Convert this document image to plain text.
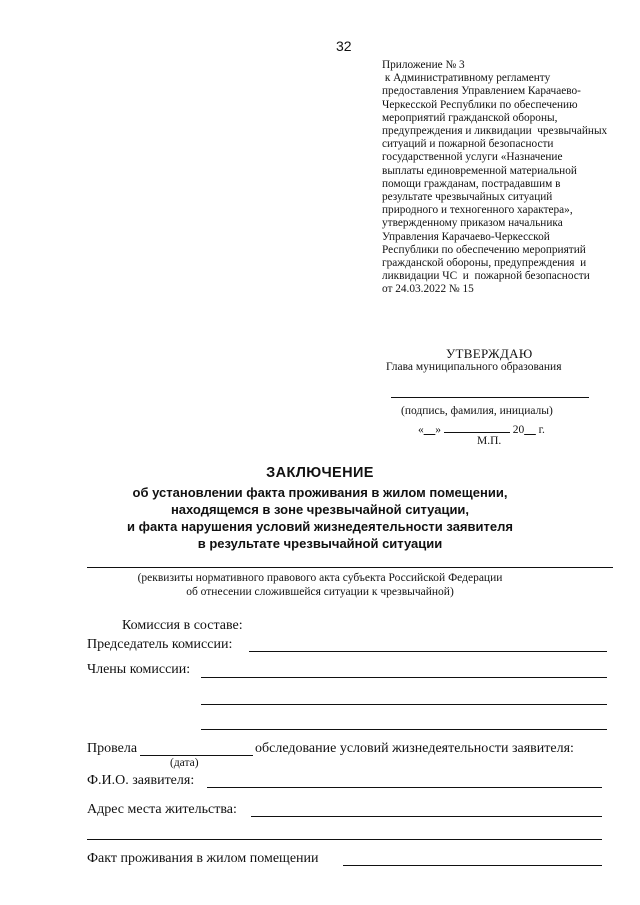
32
Приложение № 3
к Административному регламенту
предоставления Управлением Карачаево-
Черкесской Республики по обеспечению
мероприятий гражданской обороны,
предупреждения и ликвидации  чрезвычайных
ситуаций и пожарной безопасности
государственной услуги «Назначение
выплаты единовременной материальной
помощи гражданам, пострадавшим в
результате чрезвычайных ситуаций
природного и техногенного характера»,
утвержденному приказом начальника
Управления Карачаево-Черкесской
Республики по обеспечению мероприятий
гражданской обороны, предупреждения  и
ликвидации ЧС  и  пожарной безопасности
от 24.03.2022 № 15
УТВЕРЖДАЮ
Глава муниципального образования
(подпись, фамилия, инициалы)
«__»	20__ г.
М.П.
ЗАКЛЮЧЕНИЕ
об установлении факта проживания в жилом помещении,
находящемся в зоне чрезвычайной ситуации,
и факта нарушения условий жизнедеятельности заявителя
в результате чрезвычайной ситуации
(реквизиты нормативного правового акта субъекта Российской Федерации
об отнесении сложившейся ситуации к чрезвычайной)
Комиссия в составе:
Председатель комиссии:
Члены комиссии:
Провела	обследование условий жизнедеятельности заявителя:
(дата)
Ф.И.О. заявителя:
Адрес места жительства:
Факт проживания в жилом помещении
